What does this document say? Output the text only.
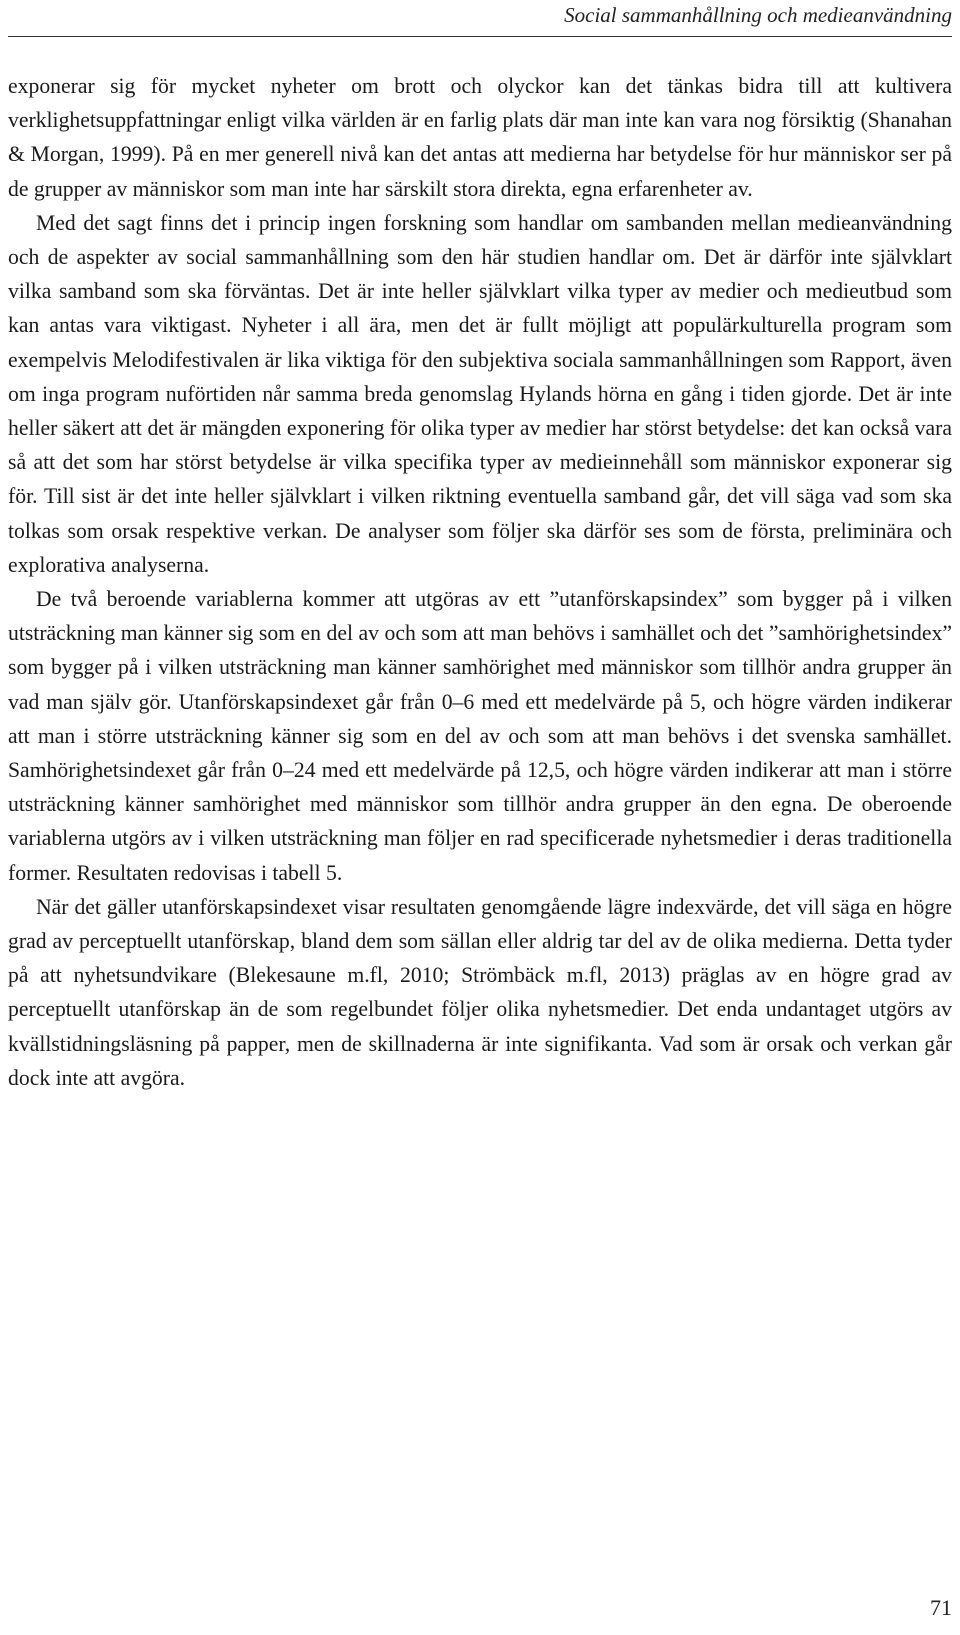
Social sammanhållning och medieanvändning

exponerar sig för mycket nyheter om brott och olyckor kan det tänkas bidra till att kultivera verklighetsuppfattningar enligt vilka världen är en farlig plats där man inte kan vara nog försiktig (Shanahan & Morgan, 1999). På en mer generell nivå kan det antas att medierna har betydelse för hur människor ser på de grupper av människor som man inte har särskilt stora direkta, egna erfarenheter av.

Med det sagt finns det i princip ingen forskning som handlar om sambanden mellan medieanvändning och de aspekter av social sammanhållning som den här studien handlar om. Det är därför inte självklart vilka samband som ska förväntas. Det är inte heller självklart vilka typer av medier och medieutbud som kan antas vara viktigast. Nyheter i all ära, men det är fullt möjligt att populärkulturella program som exempelvis Melodifestivalen är lika viktiga för den subjektiva sociala sammanhållningen som Rapport, även om inga program nuförtiden når samma breda genomslag Hylands hörna en gång i tiden gjorde. Det är inte heller säkert att det är mängden exponering för olika typer av medier har störst betydelse: det kan också vara så att det som har störst betydelse är vilka specifika typer av medieinnehåll som människor exponerar sig för. Till sist är det inte heller självklart i vilken riktning eventuella samband går, det vill säga vad som ska tolkas som orsak respektive verkan. De analyser som följer ska därför ses som de första, preliminära och explorativa analyserna.

De två beroende variablerna kommer att utgöras av ett ”utanförskapsindex” som bygger på i vilken utsträckning man känner sig som en del av och som att man behövs i samhället och det ”samhörighetsindex” som bygger på i vilken utsträckning man känner samhörighet med människor som tillhör andra grupper än vad man själv gör. Utanförskapsindexet går från 0–6 med ett medelvärde på 5, och högre värden indikerar att man i större utsträckning känner sig som en del av och som att man behövs i det svenska samhället. Samhörighetsindexet går från 0–24 med ett medelvärde på 12,5, och högre värden indikerar att man i större utsträckning känner samhörighet med människor som tillhör andra grupper än den egna. De oberoende variablerna utgörs av i vilken utsträckning man följer en rad specificerade nyhetsmedier i deras traditionella former. Resultaten redovisas i tabell 5.

När det gäller utanförskapsindexet visar resultaten genomgående lägre indexvärde, det vill säga en högre grad av perceptuellt utanförskap, bland dem som sällan eller aldrig tar del av de olika medierna. Detta tyder på att nyhetsundvikare (Blekesaune m.fl, 2010; Strömbäck m.fl, 2013) präglas av en högre grad av perceptuellt utanförskap än de som regelbundet följer olika nyhetsmedier. Det enda undantaget utgörs av kvällstidningsläsning på papper, men de skillnaderna är inte signifikanta. Vad som är orsak och verkan går dock inte att avgöra.

71
